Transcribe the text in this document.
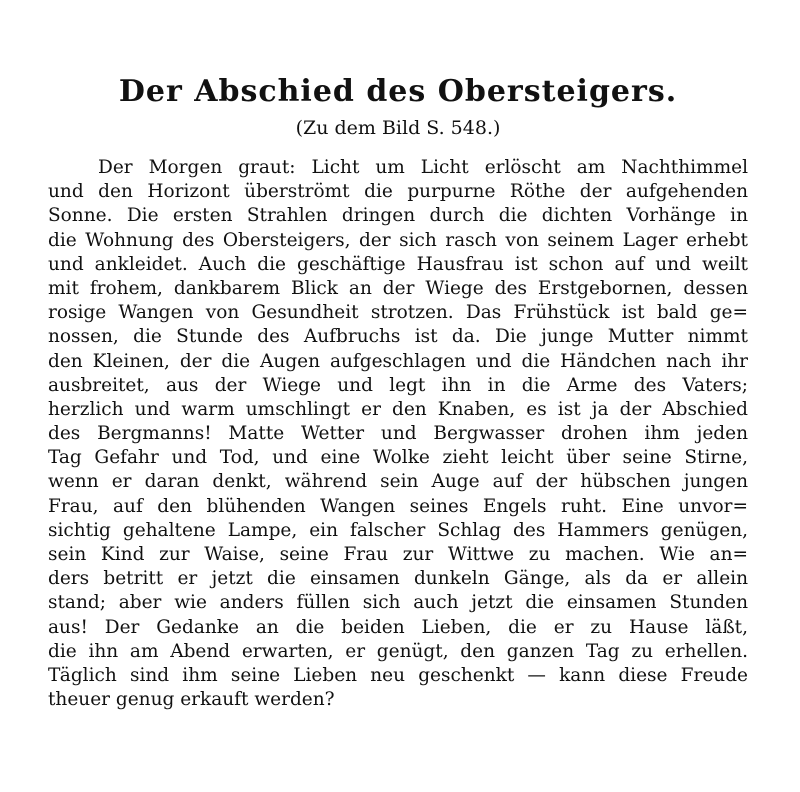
Der Abschied des Obersteigers.
(Zu dem Bild S. 548.)
Der Morgen graut: Licht um Licht erlöscht am Nachthimmel
und den Horizont überströmt die purpurne Röthe der aufgehenden
Sonne. Die ersten Strahlen dringen durch die dichten Vorhänge in
die Wohnung des Obersteigers, der sich rasch von seinem Lager erhebt
und ankleidet. Auch die geschäftige Hausfrau ist schon auf und weilt
mit frohem, dankbarem Blick an der Wiege des Erstgebornen, dessen
rosige Wangen von Gesundheit strotzen. Das Frühstück ist bald ge=
nossen, die Stunde des Aufbruchs ist da. Die junge Mutter nimmt
den Kleinen, der die Augen aufgeschlagen und die Händchen nach ihr
ausbreitet, aus der Wiege und legt ihn in die Arme des Vaters;
herzlich und warm umschlingt er den Knaben, es ist ja der Abschied
des Bergmanns! Matte Wetter und Bergwasser drohen ihm jeden
Tag Gefahr und Tod, und eine Wolke zieht leicht über seine Stirne,
wenn er daran denkt, während sein Auge auf der hübschen jungen
Frau, auf den blühenden Wangen seines Engels ruht. Eine unvor=
sichtig gehaltene Lampe, ein falscher Schlag des Hammers genügen,
sein Kind zur Waise, seine Frau zur Wittwe zu machen. Wie an=
ders betritt er jetzt die einsamen dunkeln Gänge, als da er allein
stand; aber wie anders füllen sich auch jetzt die einsamen Stunden
aus! Der Gedanke an die beiden Lieben, die er zu Hause läßt,
die ihn am Abend erwarten, er genügt, den ganzen Tag zu erhellen.
Täglich sind ihm seine Lieben neu geschenkt — kann diese Freude
theuer genug erkauft werden?
